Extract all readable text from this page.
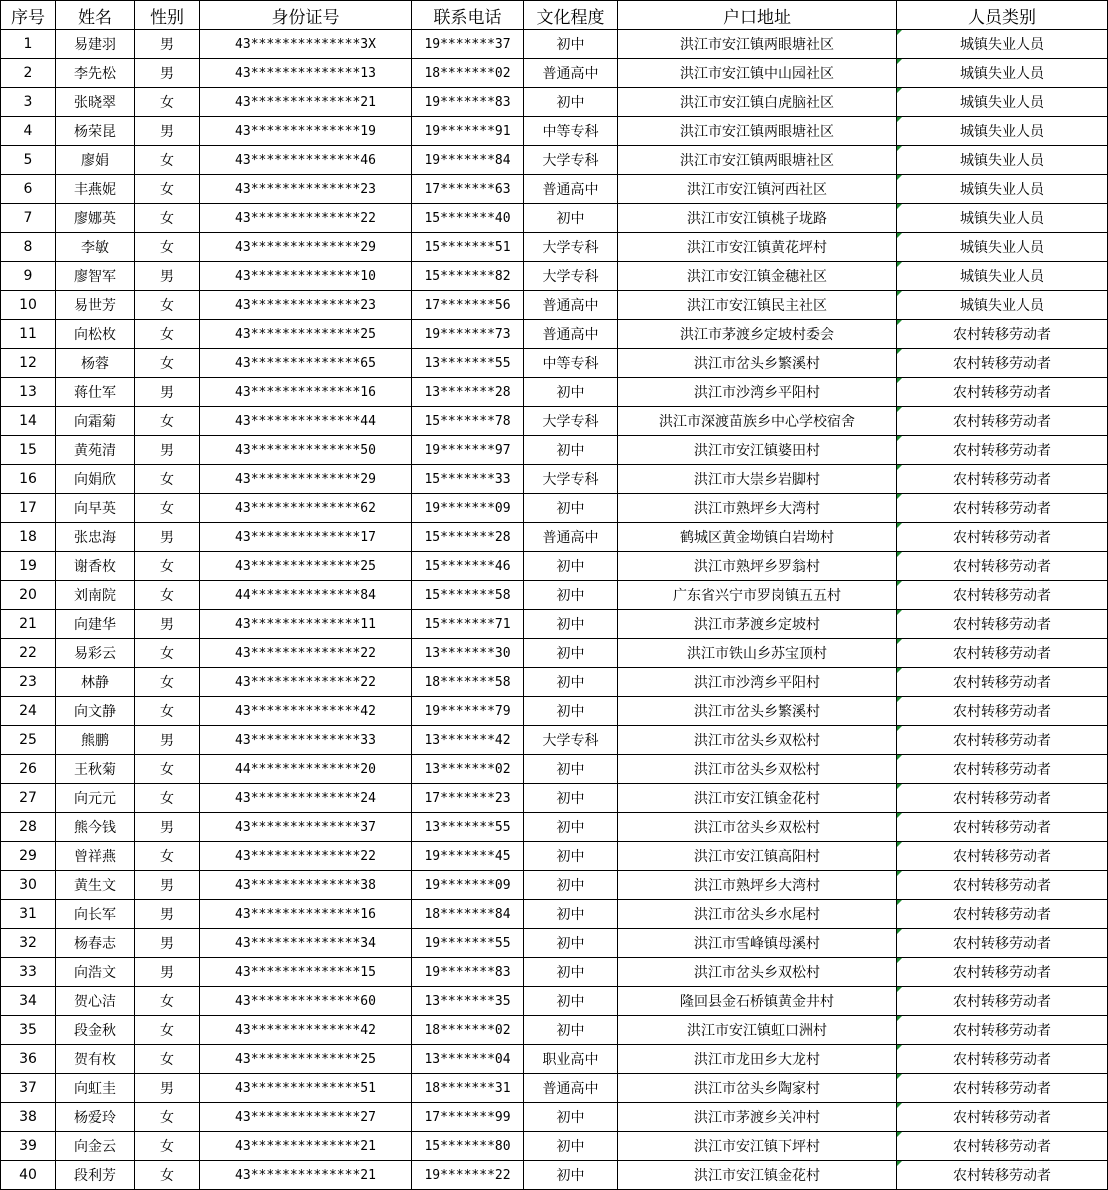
序号	姓名	性别	身份证号	联系电话	文化程度	户口地址	人员类别
1	易建羽	男	43**************3X	19*******37	初中	洪江市安江镇两眼塘社区	城镇失业人员
2	李先松	男	43**************13	18*******02	普通高中	洪江市安江镇中山园社区	城镇失业人员
3	张晓翠	女	43**************21	19*******83	初中	洪江市安江镇白虎脑社区	城镇失业人员
4	杨荣昆	男	43**************19	19*******91	中等专科	洪江市安江镇两眼塘社区	城镇失业人员
5	廖娟	女	43**************46	19*******84	大学专科	洪江市安江镇两眼塘社区	城镇失业人员
6	丰燕妮	女	43**************23	17*******63	普通高中	洪江市安江镇河西社区	城镇失业人员
7	廖娜英	女	43**************22	15*******40	初中	洪江市安江镇桃子垅路	城镇失业人员
8	李敏	女	43**************29	15*******51	大学专科	洪江市安江镇黄花坪村	城镇失业人员
9	廖智军	男	43**************10	15*******82	大学专科	洪江市安江镇金穗社区	城镇失业人员
10	易世芳	女	43**************23	17*******56	普通高中	洪江市安江镇民主社区	城镇失业人员
11	向松枚	女	43**************25	19*******73	普通高中	洪江市茅渡乡定坡村委会	农村转移劳动者
12	杨蓉	女	43**************65	13*******55	中等专科	洪江市岔头乡繁溪村	农村转移劳动者
13	蒋仕军	男	43**************16	13*******28	初中	洪江市沙湾乡平阳村	农村转移劳动者
14	向霜菊	女	43**************44	15*******78	大学专科	洪江市深渡苗族乡中心学校宿舍	农村转移劳动者
15	黄苑清	男	43**************50	19*******97	初中	洪江市安江镇婆田村	农村转移劳动者
16	向娟欣	女	43**************29	15*******33	大学专科	洪江市大崇乡岩脚村	农村转移劳动者
17	向早英	女	43**************62	19*******09	初中	洪江市熟坪乡大湾村	农村转移劳动者
18	张忠海	男	43**************17	15*******28	普通高中	鹤城区黄金坳镇白岩坳村	农村转移劳动者
19	谢香枚	女	43**************25	15*******46	初中	洪江市熟坪乡罗翁村	农村转移劳动者
20	刘南院	女	44**************84	15*******58	初中	广东省兴宁市罗岗镇五五村	农村转移劳动者
21	向建华	男	43**************11	15*******71	初中	洪江市茅渡乡定坡村	农村转移劳动者
22	易彩云	女	43**************22	13*******30	初中	洪江市铁山乡苏宝顶村	农村转移劳动者
23	林静	女	43**************22	18*******58	初中	洪江市沙湾乡平阳村	农村转移劳动者
24	向文静	女	43**************42	19*******79	初中	洪江市岔头乡繁溪村	农村转移劳动者
25	熊鹏	男	43**************33	13*******42	大学专科	洪江市岔头乡双松村	农村转移劳动者
26	王秋菊	女	44**************20	13*******02	初中	洪江市岔头乡双松村	农村转移劳动者
27	向元元	女	43**************24	17*******23	初中	洪江市安江镇金花村	农村转移劳动者
28	熊今钱	男	43**************37	13*******55	初中	洪江市岔头乡双松村	农村转移劳动者
29	曾祥燕	女	43**************22	19*******45	初中	洪江市安江镇高阳村	农村转移劳动者
30	黄生文	男	43**************38	19*******09	初中	洪江市熟坪乡大湾村	农村转移劳动者
31	向长军	男	43**************16	18*******84	初中	洪江市岔头乡水尾村	农村转移劳动者
32	杨春志	男	43**************34	19*******55	初中	洪江市雪峰镇母溪村	农村转移劳动者
33	向浩文	男	43**************15	19*******83	初中	洪江市岔头乡双松村	农村转移劳动者
34	贺心洁	女	43**************60	13*******35	初中	隆回县金石桥镇黄金井村	农村转移劳动者
35	段金秋	女	43**************42	18*******02	初中	洪江市安江镇虹口洲村	农村转移劳动者
36	贺有枚	女	43**************25	13*******04	职业高中	洪江市龙田乡大龙村	农村转移劳动者
37	向虹圭	男	43**************51	18*******31	普通高中	洪江市岔头乡陶家村	农村转移劳动者
38	杨爱玲	女	43**************27	17*******99	初中	洪江市茅渡乡关冲村	农村转移劳动者
39	向金云	女	43**************21	15*******80	初中	洪江市安江镇下坪村	农村转移劳动者
40	段利芳	女	43**************21	19*******22	初中	洪江市安江镇金花村	农村转移劳动者
